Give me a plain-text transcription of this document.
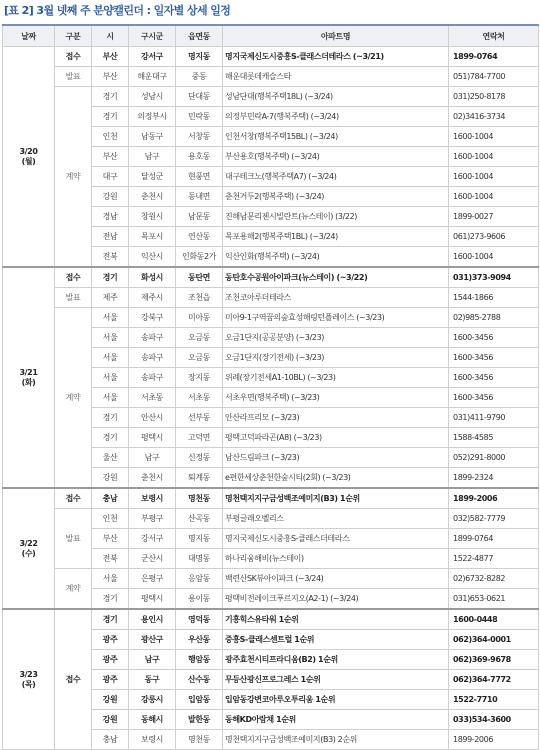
[표 2] 3월 넷째 주 분양캘린더 : 일자별 상세 일정
날짜	구분	시	구시군	읍면동	아파트명	연락처
3/20
(월)	접수	부산	강서구	명지동	명지국제신도시중흥S-클래스더테라스 (~3/21)	1899-0764
	발표	부산	해운대구	중동	해운대롯데캐슬스타	051)784-7700
	계약	경기	성남시	단대동	성남단대(행복주택18L) (~3/24)	031)250-8178
		경기	의정부시	민락동	의정부민락A-7(행복주택) (~3/24)	02)3416-3734
		인천	남동구	서창동	인천서창(행복주택15BL) (~3/24)	1600-1004
		부산	남구	용호동	부산용호(행복주택) (~3/24)	1600-1004
		대구	달성군	현풍면	대구테크노(행복주택A7) (~3/24)	1600-1004
		강원	춘천시	동내면	춘천거두2(행복주택) (~3/24)	1600-1004
		경남	창원시	남문동	진해남문리젠시빌란트(뉴스테이) (3/22)	1899-0027
		전남	목포시	연산동	목포용해2(행복주택1BL) (~3/24)	061)273-9606
		전북	익산시	인화동2가	익산인화(행복주택) (~3/24)	1600-1004
3/21
(화)	접수	경기	화성시	동탄면	동탄호수공원아이파크(뉴스테이) (~3/22)	031)373-9094
	발표	제주	제주시	조천읍	조천코아루더테라스	1544-1866
	계약	서울	강북구	미아동	미아9-1구역꿈의숲효성해링턴플레이스 (~3/23)	02)985-2788
		서울	송파구	오금동	오금1단지(공공분양) (~3/23)	1600-3456
		서울	송파구	오금동	오금1단지(장기전세) (~3/23)	1600-3456
		서울	송파구	장지동	위례(장기전세A1-10BL) (~3/23)	1600-3456
		서울	서초동	서초동	서초우면(행복주택) (~3/23)	1600-3456
		경기	안산시	선부동	안산라프리모 (~3/23)	031)411-9790
		경기	평택시	고덕면	평택고덕파라곤(A8) (~3/23)	1588-4585
		울산	남구	신정동	남산드림파크 (~3/23)	052)291-8000
		강원	춘천시	퇴계동	e편한세상춘천한숲시티(2회) (~3/23)	1899-2324
3/22
(수)	접수	충남	보령시	명천동	명천택지지구금성백조예미지(B3) 1순위	1899-2006
	발표	인천	부평구	산곡동	부평글래오벨리스	032)582-7779
		부산	강서구	명지동	명지국제신도시중흥S-클래스더테라스	1899-0764
		전북	군산시	대명동	하나리움해비(뉴스테이)	1522-4877
	계약	서울	은평구	응암동	백련산SK뷰아이파크 (~3/24)	02)6732-8282
		경기	평택시	용이동	평택비전레이크푸르지오(A2-1) (~3/24)	031)653-0621
3/23
(목)	접수	경기	용인시	영덕동	기흥힉스유타워 1순위	1600-0448
		광주	광산구	우산동	중흥S-클래스센트럴 1순위	062)364-0001
		광주	남구	행암동	광주효천시티프라디움(B2) 1순위	062)369-9678
		광주	동구	산수동	무등산광신프로그레스 1순위	062)364-7772
		강원	강릉시	입암동	입암동강변코아루오투리움 1순위	1522-7710
		강원	동해시	발한동	동해KD아람채 1순위	033)534-3600
		충남	보령시	명천동	명천택지지구금성백조예미지(B3) 2순위	1899-2006
